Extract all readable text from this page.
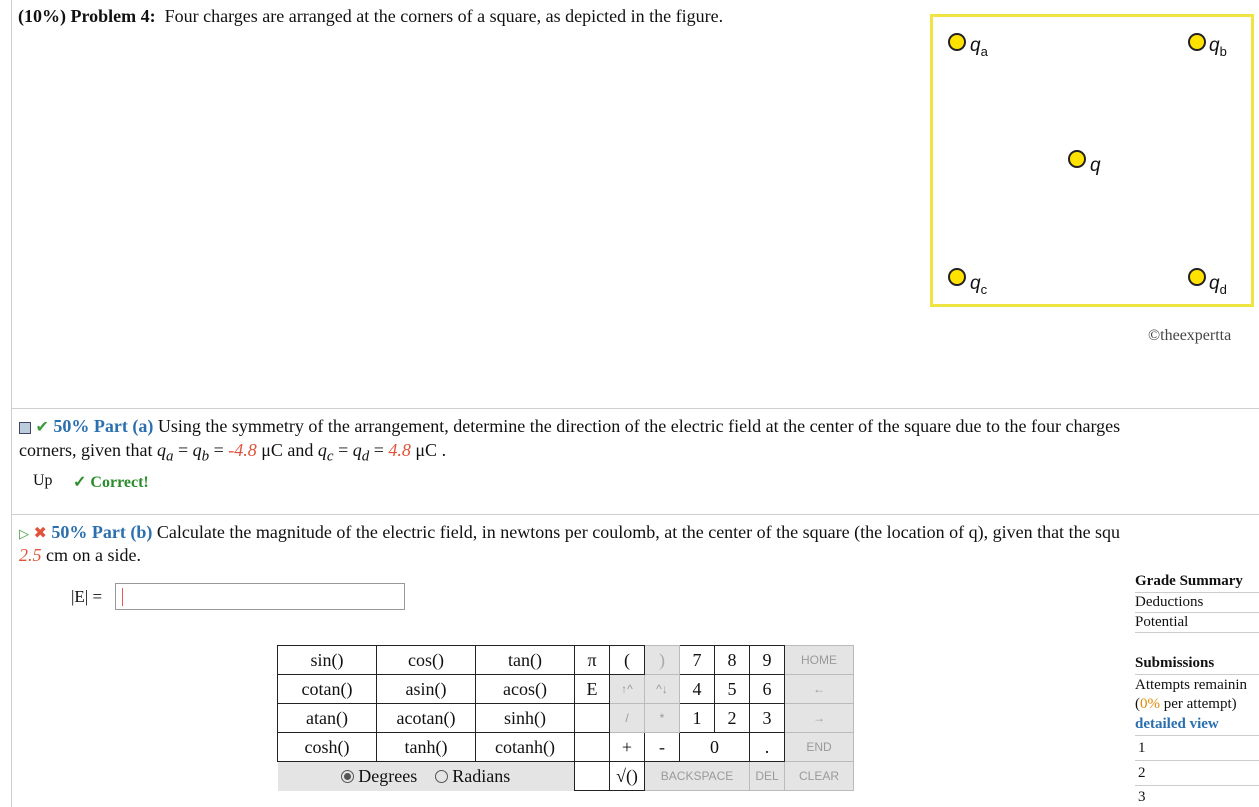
(10%) Problem 4: Four charges are arranged at the corners of a square, as depicted in the figure.
$q_a$	$q_b$
q
$q_c$	$q_d$
©theexpertta
✔ 50% Part (a) Using the symmetry of the arrangement, determine the direction of the electric field at the center of the square due to the four charges
corners, given that $q_a = q_b = -4.8$ μC and $q_c = q_d = 4.8$ μC .
Up ✓ Correct!
▷ ✖ 50% Part (b) Calculate the magnitude of the electric field, in newtons per coulomb, at the center of the square (the location of q), given that the squ
2.5 cm on a side.
|E| =
sin()	cos()	tan()	π	(	)	7	8	9	HOME
cotan()	asin()	acos()	E	↑^	^↓	4	5	6	←
atan()	acotan()	sinh()		/	*	1	2	3	→
cosh()	tanh()	cotanh()		+	-	0		.	END
Degrees Radians				√()	BACKSPACE			DEL	CLEAR
Grade Summary
Deductions
Potential
Submissions
Attempts remainin
(0% per attempt)
detailed view
1
2
3
